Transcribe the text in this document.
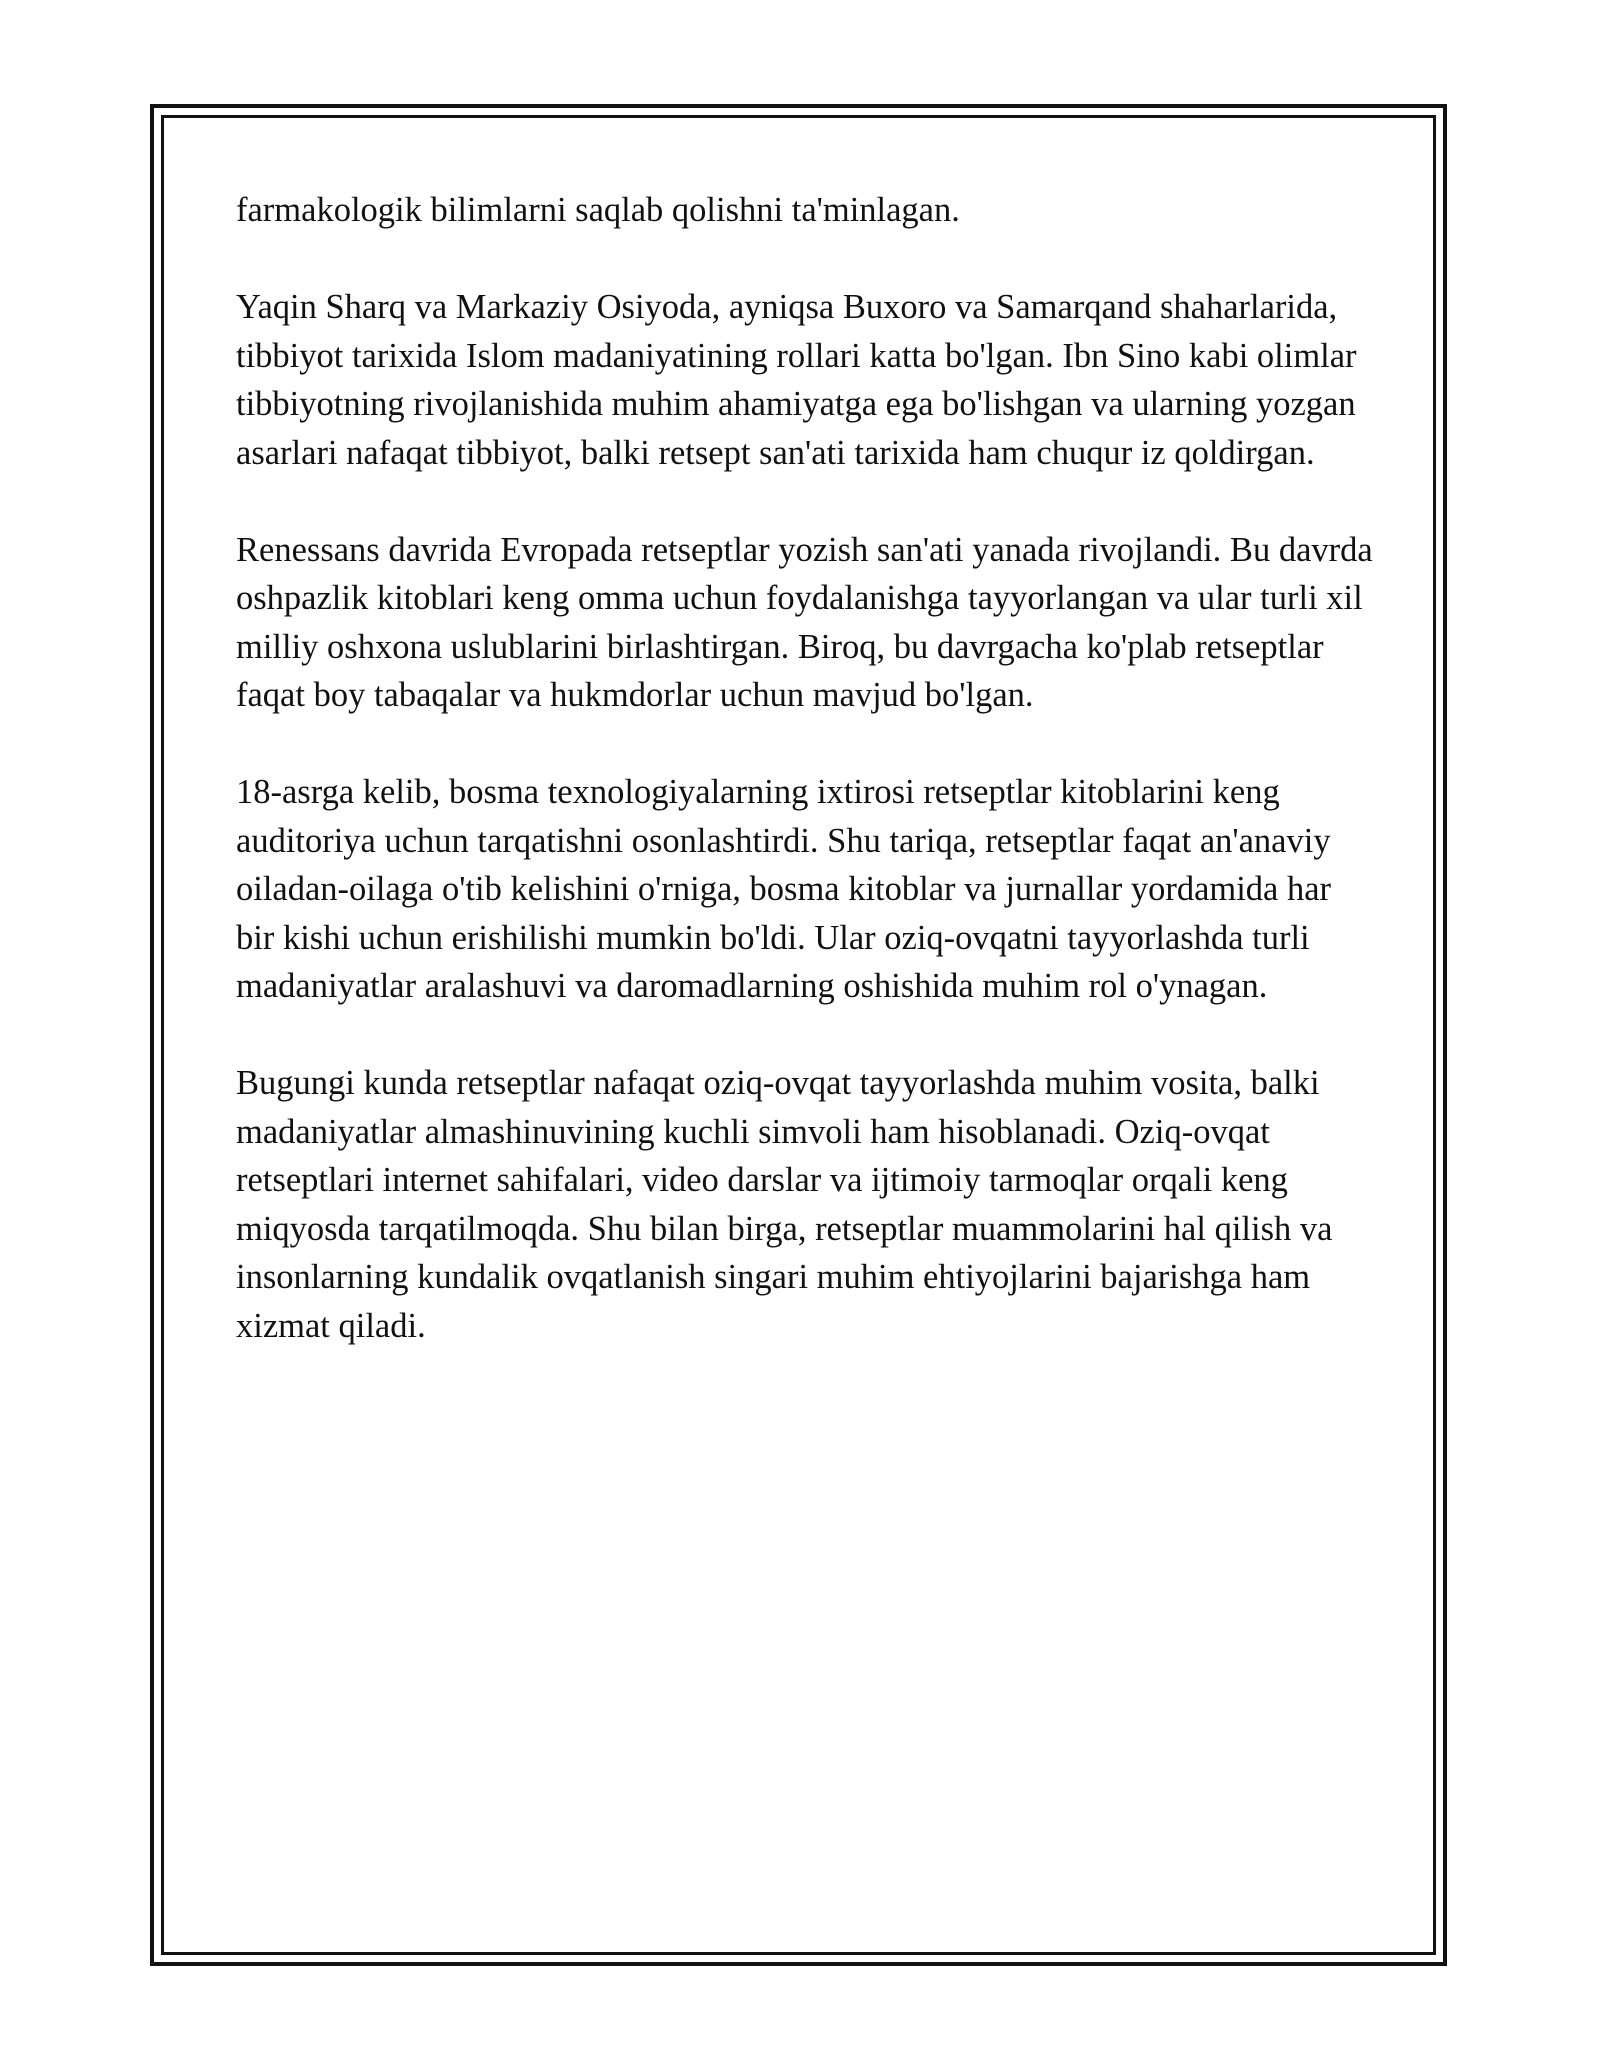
farmakologik bilimlarni saqlab qolishni ta'minlagan.

Yaqin Sharq va Markaziy Osiyoda, ayniqsa Buxoro va Samarqand shaharlarida, tibbiyot tarixida Islom madaniyatining rollari katta bo'lgan. Ibn Sino kabi olimlar tibbiyotning rivojlanishida muhim ahamiyatga ega bo'lishgan va ularning yozgan asarlari nafaqat tibbiyot, balki retsept san'ati tarixida ham chuqur iz qoldirgan.

Renessans davrida Evropada retseptlar yozish san'ati yanada rivojlandi. Bu davrda oshpazlik kitoblari keng omma uchun foydalanishga tayyorlangan va ular turli xil milliy oshxona uslublarini birlashtirgan. Biroq, bu davrgacha ko'plab retseptlar faqat boy tabaqalar va hukmdorlar uchun mavjud bo'lgan.

18-asrga kelib, bosma texnologiyalarning ixtirosi retseptlar kitoblarini keng auditoriya uchun tarqatishni osonlashtirdi. Shu tariqa, retseptlar faqat an'anaviy oiladan-oilaga o'tib kelishini o'rniga, bosma kitoblar va jurnallar yordamida har bir kishi uchun erishilishi mumkin bo'ldi. Ular oziq-ovqatni tayyorlashda turli madaniyatlar aralashuvi va daromadlarning oshishida muhim rol o'ynagan.

Bugungi kunda retseptlar nafaqat oziq-ovqat tayyorlashda muhim vosita, balki madaniyatlar almashinuvining kuchli simvoli ham hisoblanadi. Oziq-ovqat retseptlari internet sahifalari, video darslar va ijtimoiy tarmoqlar orqali keng miqyosda tarqatilmoqda. Shu bilan birga, retseptlar muammolarini hal qilish va insonlarning kundalik ovqatlanish singari muhim ehtiyojlarini bajarishga ham xizmat qiladi.
